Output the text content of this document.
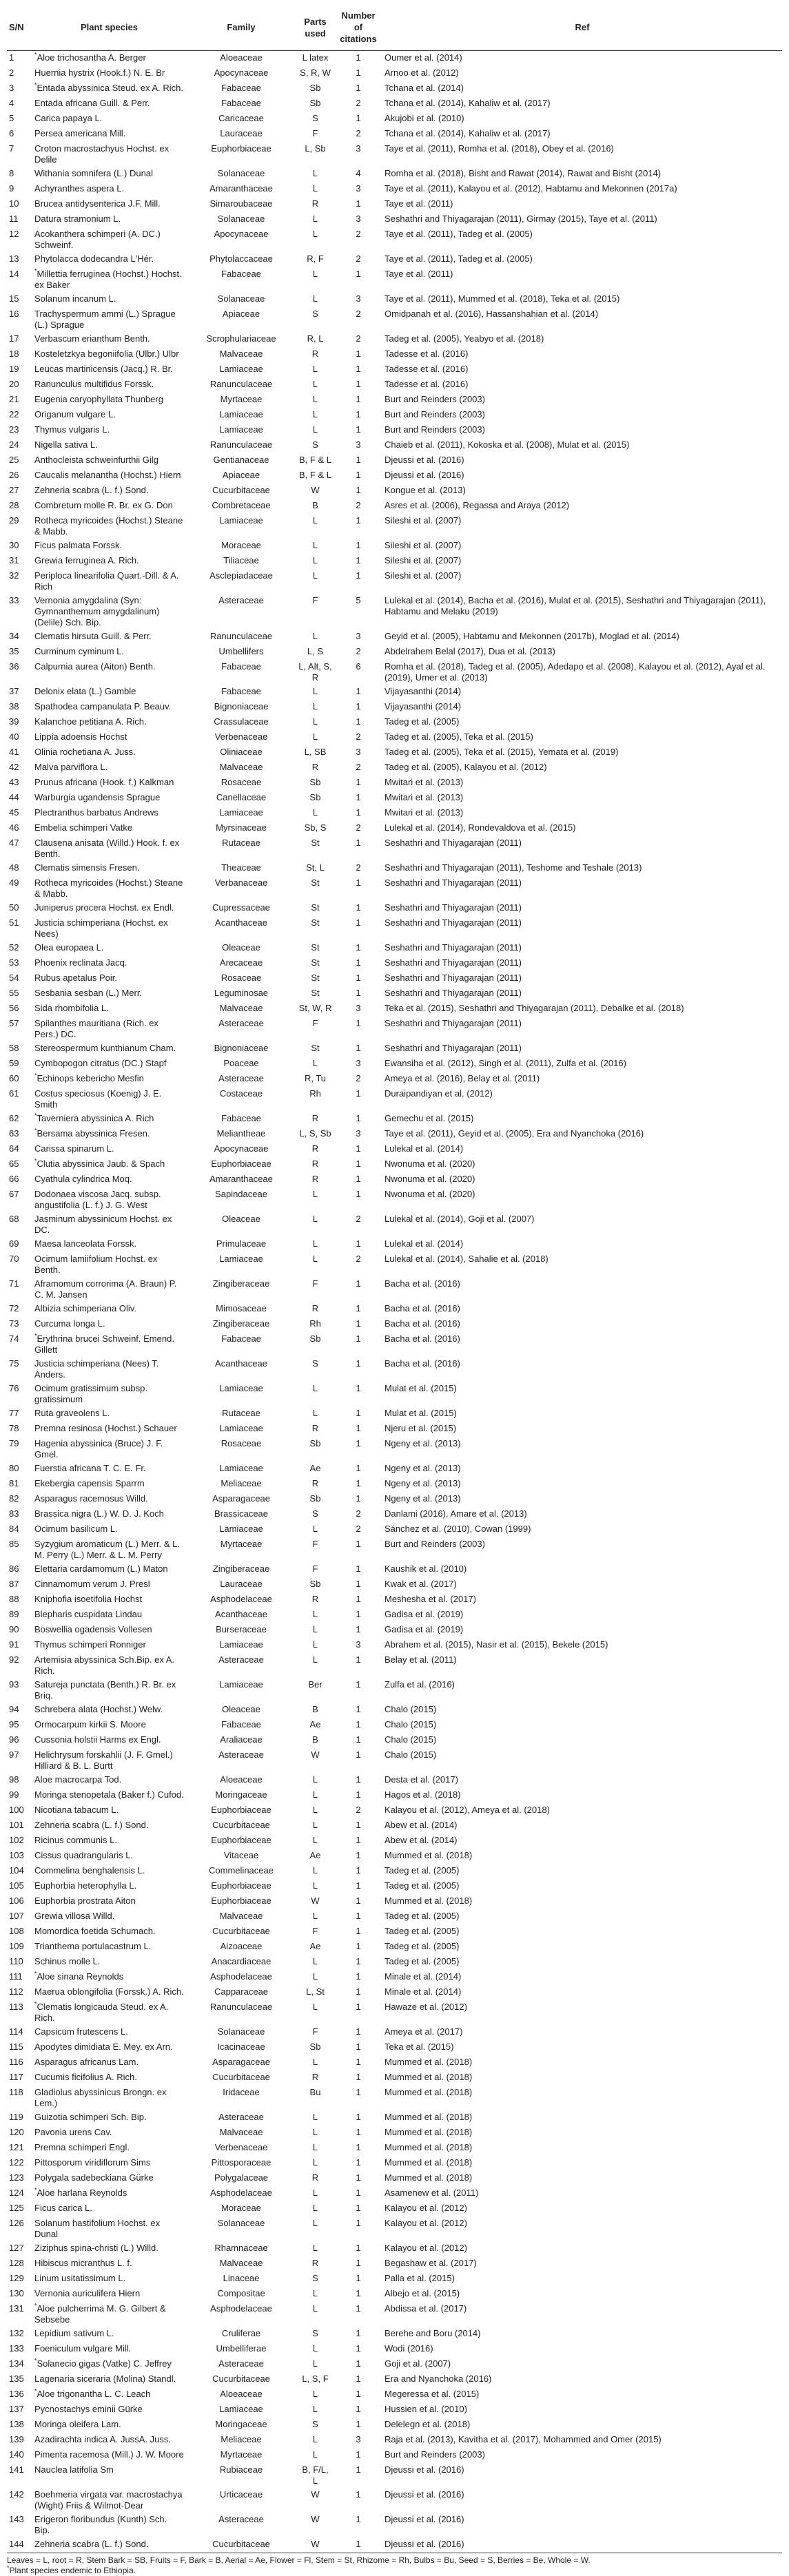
S/N	Plant species	Family	Parts used	Number of citations	Ref
1	*Aloe trichosantha A. Berger	Aloeaceae	L latex	1	Oumer et al. (2014)
2	Huernia hystrix (Hook.f.) N. E. Br	Apocynaceae	S, R, W	1	Arnoo et al. (2012)
3	*Entada abyssinica Steud. ex A. Rich.	Fabaceae	Sb	1	Tchana et al. (2014)
4	Entada africana Guill. & Perr.	Fabaceae	Sb	2	Tchana et al. (2014), Kahaliw et al. (2017)
5	Carica papaya L.	Caricaceae	S	1	Akujobi et al. (2010)
6	Persea americana Mill.	Lauraceae	F	2	Tchana et al. (2014), Kahaliw et al. (2017)
7	Croton macrostachyus Hochst. ex Delile	Euphorbiaceae	L, Sb	3	Taye et al. (2011), Romha et al. (2018), Obey et al. (2016)
8	Withania somnifera (L.) Dunal	Solanaceae	L	4	Romha et al. (2018), Bisht and Rawat (2014), Rawat and Bisht (2014)
9	Achyranthes aspera L.	Amaranthaceae	L	3	Taye et al. (2011), Kalayou et al. (2012), Habtamu and Mekonnen (2017a)
10	Brucea antidysenterica J.F. Mill.	Simaroubaceae	R	1	Taye et al. (2011)
11	Datura stramonium L.	Solanaceae	L	3	Seshathri and Thiyagarajan (2011), Girmay (2015), Taye et al. (2011)
12	Acokanthera schimperi (A. DC.) Schweinf.	Apocynaceae	L	2	Taye et al. (2011), Tadeg et al. (2005)
13	Phytolacca dodecandra L'Hér.	Phytolaccaceae	R, F	2	Taye et al. (2011), Tadeg et al. (2005)
14	*Millettia ferruginea (Hochst.) Hochst. ex Baker	Fabaceae	L	1	Taye et al. (2011)
15	Solanum incanum L.	Solanaceae	L	3	Taye et al. (2011), Mummed et al. (2018), Teka et al. (2015)
16	Trachyspermum ammi (L.) Sprague (L.) Sprague	Apiaceae	S	2	Omidpanah et al. (2016), Hassanshahian et al. (2014)
17	Verbascum erianthum Benth.	Scrophulariaceae	R, L	2	Tadeg et al. (2005), Yeabyo et al. (2018)
18	Kosteletzkya begoniifolia (Ulbr.) Ulbr	Malvaceae	R	1	Tadesse et al. (2016)
19	Leucas martinicensis (Jacq.) R. Br.	Lamiaceae	L	1	Tadesse et al. (2016)
20	Ranunculus multifidus Forssk.	Ranunculaceae	L	1	Tadesse et al. (2016)
21	Eugenia caryophyllata Thunberg	Myrtaceae	L	1	Burt and Reinders (2003)
22	Origanum vulgare L.	Lamiaceae	L	1	Burt and Reinders (2003)
23	Thymus vulgaris L.	Lamiaceae	L	1	Burt and Reinders (2003)
24	Nigella sativa L.	Ranunculaceae	S	3	Chaieb et al. (2011), Kokoska et al. (2008), Mulat et al. (2015)
25	Anthocleista schweinfurthii Gilg	Gentianaceae	B, F & L	1	Djeussi et al. (2016)
26	Caucalis melanantha (Hochst.) Hiern	Apiaceae	B, F & L	1	Djeussi et al. (2016)
27	Zehneria scabra (L. f.) Sond.	Cucurbitaceae	W	1	Kongue et al. (2013)
28	Combretum molle R. Br. ex G. Don	Combretaceae	B	2	Asres et al. (2006), Regassa and Araya (2012)
29	Rotheca myricoides (Hochst.) Steane & Mabb.	Lamiaceae	L	1	Sileshi et al. (2007)
30	Ficus palmata Forssk.	Moraceae	L	1	Sileshi et al. (2007)
31	Grewia ferruginea A. Rich.	Tiliaceae	L	1	Sileshi et al. (2007)
32	Periploca linearifolia Quart.-Dill. & A. Rich	Asclepiadaceae	L	1	Sileshi et al. (2007)
33	Vernonia amygdalina (Syn: Gymnanthemum amygdalinum) (Delile) Sch. Bip.	Asteraceae	F	5	Lulekal et al. (2014), Bacha et al. (2016), Mulat et al. (2015), Seshathri and Thiyagarajan (2011), Habtamu and Melaku (2019)
34	Clematis hirsuta Guill. & Perr.	Ranunculaceae	L	3	Geyid et al. (2005), Habtamu and Mekonnen (2017b), Moglad et al. (2014)
35	Curminum cyminum L.	Umbellifers	L, S	2	Abdelrahem Belal (2017), Dua et al. (2013)
36	Calpurnia aurea (Aiton) Benth.	Fabaceae	L, Alt, S, R	6	Romha et al. (2018), Tadeg et al. (2005), Adedapo et al. (2008), Kalayou et al. (2012), Ayal et al. (2019), Umer et al. (2013)
37	Delonix elata (L.) Gamble	Fabaceae	L	1	Vijayasanthi (2014)
38	Spathodea campanulata P. Beauv.	Bignoniaceae	L	1	Vijayasanthi (2014)
39	Kalanchoe petitiana A. Rich.	Crassulaceae	L	1	Tadeg et al. (2005)
40	Lippia adoensis Hochst	Verbenaceae	L	2	Tadeg et al. (2005), Teka et al. (2015)
41	Olinia rochetiana A. Juss.	Oliniaceae	L, SB	3	Tadeg et al. (2005), Teka et al. (2015), Yemata et al. (2019)
42	Malva parviflora L.	Malvaceae	R	2	Tadeg et al. (2005), Kalayou et al. (2012)
43	Prunus africana (Hook. f.) Kalkman	Rosaceae	Sb	1	Mwitari et al. (2013)
44	Warburgia ugandensis Sprague	Canellaceae	Sb	1	Mwitari et al. (2013)
45	Plectranthus barbatus Andrews	Lamiaceae	L	1	Mwitari et al. (2013)
46	Embelia schimperi Vatke	Myrsinaceae	Sb, S	2	Lulekal et al. (2014), Rondevaldova et al. (2015)
47	Clausena anisata (Willd.) Hook. f. ex Benth.	Rutaceae	St	1	Seshathri and Thiyagarajan (2011)
48	Clematis simensis Fresen.	Theaceae	St, L	2	Seshathri and Thiyagarajan (2011), Teshome and Teshale (2013)
49	Rotheca myricoides (Hochst.) Steane & Mabb.	Verbanaceae	St	1	Seshathri and Thiyagarajan (2011)
50	Juniperus procera Hochst. ex Endl.	Cupressaceae	St	1	Seshathri and Thiyagarajan (2011)
51	Justicia schimperiana (Hochst. ex Nees)	Acanthaceae	St	1	Seshathri and Thiyagarajan (2011)
52	Olea europaea L.	Oleaceae	St	1	Seshathri and Thiyagarajan (2011)
53	Phoenix reclinata Jacq.	Arecaceae	St	1	Seshathri and Thiyagarajan (2011)
54	Rubus apetalus Poir.	Rosaceae	St	1	Seshathri and Thiyagarajan (2011)
55	Sesbania sesban (L.) Merr.	Leguminosae	St	1	Seshathri and Thiyagarajan (2011)
56	Sida rhombifolia L.	Malvaceae	St, W, R	3	Teka et al. (2015), Seshathri and Thiyagarajan (2011), Debalke et al. (2018)
57	Spilanthes mauritiana (Rich. ex Pers.) DC.	Asteraceae	F	1	Seshathri and Thiyagarajan (2011)
58	Stereospermum kunthianum Cham.	Bignoniaceae	St	1	Seshathri and Thiyagarajan (2011)
59	Cymbopogon citratus (DC.) Stapf	Poaceae	L	3	Ewansiha et al. (2012), Singh et al. (2011), Zulfa et al. (2016)
60	*Echinops kebericho Mesfin	Asteraceae	R, Tu	2	Ameya et al. (2016), Belay et al. (2011)
61	Costus speciosus (Koenig) J. E. Smith	Costaceae	Rh	1	Duraipandiyan et al. (2012)
62	*Taverniera abyssinica A. Rich	Fabaceae	R	1	Gemechu et al. (2015)
63	*Bersama abyssinica Fresen.	Meliantheae	L, S, Sb	3	Taye et al. (2011), Geyid et al. (2005), Era and Nyanchoka (2016)
64	Carissa spinarum L.	Apocynaceae	R	1	Lulekal et al. (2014)
65	*Clutia abyssinica Jaub. & Spach	Euphorbiaceae	R	1	Nwonuma et al. (2020)
66	Cyathula cylindrica Moq.	Amaranthaceae	R	1	Nwonuma et al. (2020)
67	Dodonaea viscosa Jacq. subsp. angustifolia (L. f.) J. G. West	Sapindaceae	L	1	Nwonuma et al. (2020)
68	Jasminum abyssinicum Hochst. ex DC.	Oleaceae	L	2	Lulekal et al. (2014), Goji et al. (2007)
69	Maesa lanceolata Forssk.	Primulaceae	L	1	Lulekal et al. (2014)
70	Ocimum lamiifolium Hochst. ex Benth.	Lamiaceae	L	2	Lulekal et al. (2014), Sahalie et al. (2018)
71	Aframomum corrorima (A. Braun) P. C. M. Jansen	Zingiberaceae	F	1	Bacha et al. (2016)
72	Albizia schimperiana Oliv.	Mimosaceae	R	1	Bacha et al. (2016)
73	Curcuma longa L.	Zingiberaceae	Rh	1	Bacha et al. (2016)
74	*Erythrina brucei Schweinf. Emend. Gillett	Fabaceae	Sb	1	Bacha et al. (2016)
75	Justicia schimperiana (Nees) T. Anders.	Acanthaceae	S	1	Bacha et al. (2016)
76	Ocimum gratissimum subsp. gratissimum	Lamiaceae	L	1	Mulat et al. (2015)
77	Ruta graveolens L.	Rutaceae	L	1	Mulat et al. (2015)
78	Premna resinosa (Hochst.) Schauer	Lamiaceae	R	1	Njeru et al. (2015)
79	Hagenia abyssinica (Bruce) J. F. Gmel.	Rosaceae	Sb	1	Ngeny et al. (2013)
80	Fuerstia africana T. C. E. Fr.	Lamiaceae	Ae	1	Ngeny et al. (2013)
81	Ekebergia capensis Sparrm	Meliaceae	R	1	Ngeny et al. (2013)
82	Asparagus racemosus Willd.	Asparagaceae	Sb	1	Ngeny et al. (2013)
83	Brassica nigra (L.) W. D. J. Koch	Brassicaceae	S	2	Danlami (2016), Amare et al. (2013)
84	Ocimum basilicum L.	Lamiaceae	L	2	Sánchez et al. (2010), Cowan (1999)
85	Syzygium aromaticum (L.) Merr. & L. M. Perry (L.) Merr. & L. M. Perry	Myrtaceae	F	1	Burt and Reinders (2003)
86	Elettaria cardamomum (L.) Maton	Zingiberaceae	F	1	Kaushik et al. (2010)
87	Cinnamomum verum J. Presl	Lauraceae	Sb	1	Kwak et al. (2017)
88	Kniphofia isoetifolia Hochst	Asphodelaceae	R	1	Meshesha et al. (2017)
89	Blepharis cuspidata Lindau	Acanthaceae	L	1	Gadisa et al. (2019)
90	Boswellia ogadensis Vollesen	Burseraceae	L	1	Gadisa et al. (2019)
91	Thymus schimperi Ronniger	Lamiaceae	L	3	Abrahem et al. (2015), Nasir et al. (2015), Bekele (2015)
92	Artemisia abyssinica Sch.Bip. ex A. Rich.	Asteraceae	L	1	Belay et al. (2011)
93	Satureja punctata (Benth.) R. Br. ex Briq.	Lamiaceae	Ber	1	Zulfa et al. (2016)
94	Schrebera alata (Hochst.) Welw.	Oleaceae	B	1	Chalo (2015)
95	Ormocarpum kirkii S. Moore	Fabaceae	Ae	1	Chalo (2015)
96	Cussonia holstii Harms ex Engl.	Araliaceae	B	1	Chalo (2015)
97	Helichrysum forskahlii (J. F. Gmel.) Hilliard & B. L. Burtt	Asteraceae	W	1	Chalo (2015)
98	Aloe macrocarpa Tod.	Aloeaceae	L	1	Desta et al. (2017)
99	Moringa stenopetala (Baker f.) Cufod.	Moringaceae	L	1	Hagos et al. (2018)
100	Nicotiana tabacum L.	Euphorbiaceae	L	2	Kalayou et al. (2012), Ameya et al. (2018)
101	Zehneria scabra (L. f.) Sond.	Cucurbitaceae	L	1	Abew et al. (2014)
102	Ricinus communis L.	Euphorbiaceae	L	1	Abew et al. (2014)
103	Cissus quadrangularis L.	Vitaceae	Ae	1	Mummed et al. (2018)
104	Commelina benghalensis L.	Commelinaceae	L	1	Tadeg et al. (2005)
105	Euphorbia heterophylla L.	Euphorbiaceae	L	1	Tadeg et al. (2005)
106	Euphorbia prostrata Aiton	Euphorbiaceae	W	1	Mummed et al. (2018)
107	Grewia villosa Willd.	Malvaceae	L	1	Tadeg et al. (2005)
108	Momordica foetida Schumach.	Cucurbitaceae	F	1	Tadeg et al. (2005)
109	Trianthema portulacastrum L.	Aizoaceae	Ae	1	Tadeg et al. (2005)
110	Schinus molle L.	Anacardiaceae	L	1	Tadeg et al. (2005)
111	*Aloe sinana Reynolds	Asphodelaceae	L	1	Minale et al. (2014)
112	Maerua oblongifolia (Forssk.) A. Rich.	Capparaceae	L, St	1	Minale et al. (2014)
113	*Clematis longicauda Steud. ex A. Rich.	Ranunculaceae	L	1	Hawaze et al. (2012)
114	Capsicum frutescens L.	Solanaceae	F	1	Ameya et al. (2017)
115	Apodytes dimidiata E. Mey. ex Arn.	Icacinaceae	Sb	1	Teka et al. (2015)
116	Asparagus africanus Lam.	Asparagaceae	L	1	Mummed et al. (2018)
117	Cucumis ficifolius A. Rich.	Cucurbitaceae	R	1	Mummed et al. (2018)
118	Gladiolus abyssinicus Brongn. ex Lem.)	Iridaceae	Bu	1	Mummed et al. (2018)
119	Guizotia schimperi Sch. Bip.	Asteraceae	L	1	Mummed et al. (2018)
120	Pavonia urens Cav.	Malvaceae	L	1	Mummed et al. (2018)
121	Premna schimperi Engl.	Verbenaceae	L	1	Mummed et al. (2018)
122	Pittosporum viridiflorum Sims	Pittosporaceae	L	1	Mummed et al. (2018)
123	Polygala sadebeckiana Gürke	Polygalaceae	R	1	Mummed et al. (2018)
124	*Aloe harlana Reynolds	Asphodelaceae	L	1	Asamenew et al. (2011)
125	Ficus carica L.	Moraceae	L	1	Kalayou et al. (2012)
126	Solanum hastifolium Hochst. ex Dunal	Solanaceae	L	1	Kalayou et al. (2012)
127	Ziziphus spina-christi (L.) Willd.	Rhamnaceae	L	1	Kalayou et al. (2012)
128	Hibiscus micranthus L. f.	Malvaceae	R	1	Begashaw et al. (2017)
129	Linum usitatissimum L.	Linaceae	S	1	Palla et al. (2015)
130	Vernonia auriculifera Hiern	Compositae	L	1	Albejo et al. (2015)
131	*Aloe pulcherrima M. G. Gilbert & Sebsebe	Asphodelaceae	L	1	Abdissa et al. (2017)
132	Lepidium sativum L.	Cruliferae	S	1	Berehe and Boru (2014)
133	Foeniculum vulgare Mill.	Umbelliferae	L	1	Wodi (2016)
134	*Solanecio gigas (Vatke) C. Jeffrey	Asteraceae	L	1	Goji et al. (2007)
135	Lagenaria siceraria (Molina) Standl.	Cucurbitaceae	L, S, F	1	Era and Nyanchoka (2016)
136	*Aloe trigonantha L. C. Leach	Aloeaceae	L	1	Megeressa et al. (2015)
137	Pycnostachys eminii Gürke	Lamiaceae	L	1	Hussien et al. (2010)
138	Moringa oleifera Lam.	Moringaceae	S	1	Delelegn et al. (2018)
139	Azadirachta indica A. JussA. Juss.	Meliaceae	L	3	Raja et al. (2013), Kavitha et al. (2017), Mohammed and Omer (2015)
140	Pimenta racemosa (Mill.) J. W. Moore	Myrtaceae	L	1	Burt and Reinders (2003)
141	Nauclea latifolia Sm	Rubiaceae	B, F/L, L	1	Djeussi et al. (2016)
142	Boehmeria virgata var. macrostachya (Wight) Friis & Wilmot-Dear	Urticaceae	W	1	Djeussi et al. (2016)
143	Erigeron floribundus (Kunth) Sch. Bip.	Asteraceae	W	1	Djeussi et al. (2016)
144	Zehneria scabra (L. f.) Sond.	Cucurbitaceae	W	1	Djeussi et al. (2016)
Leaves = L, root = R, Stem Bark = SB, Fruits = F, Bark = B, Aerial = Ae, Flower = Fl, Stem = St, Rhizome = Rh, Bulbs = Bu, Seed = S, Berries = Be, Whole = W.
*Plant species endemic to Ethiopia.
